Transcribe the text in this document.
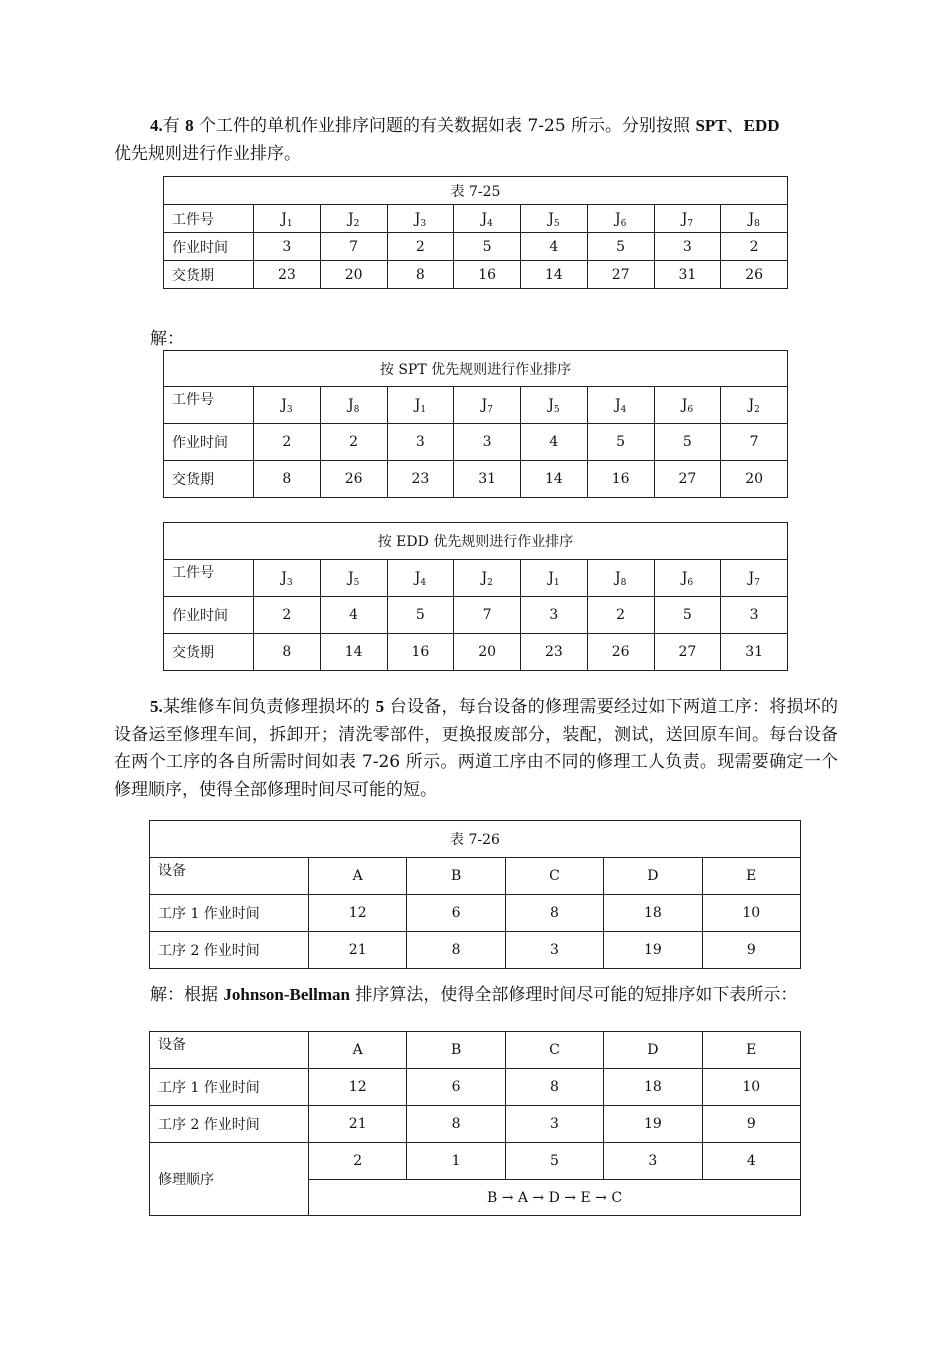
4.有 8 个工件的单机作业排序问题的有关数据如表 7-25 所示。分别按照 SPT、EDD
优先规则进行作业排序。

表 7-25								
工件号	$J_1$	$J_2$	$J_3$	$J_4$	$J_5$	$J_6$	$J_7$	$J_8$
作业时间	3	7	2	5	4	5	3	2
交货期	23	20	8	16	14	27	31	26

解：

按 SPT 优先规则进行作业排序								
工件号	$J_3$	$J_8$	$J_1$	$J_7$	$J_5$	$J_4$	$J_6$	$J_2$
作业时间	2	2	3	3	4	5	5	7
交货期	8	26	23	31	14	16	27	20
按 EDD 优先规则进行作业排序								
工件号	$J_3$	$J_5$	$J_4$	$J_2$	$J_1$	$J_8$	$J_6$	$J_7$
作业时间	2	4	5	7	3	2	5	3
交货期	8	14	16	20	23	26	27	31

5.某维修车间负责修理损坏的 5 台设备，每台设备的修理需要经过如下两道工序：将损坏的设备运至修理车间，拆卸开；清洗零部件，更换报废部分，装配，测试，送回原车间。每台设备在两个工序的各自所需时间如表 7-26 所示。两道工序由不同的修理工人负责。现需要确定一个修理顺序，使得全部修理时间尽可能的短。

表 7-26					
设备	A	B	C	D	E
工序 1 作业时间	12	6	8	18	10
工序 2 作业时间	21	8	3	19	9

解：根据 Johnson-Bellman 排序算法，使得全部修理时间尽可能的短排序如下表所示：

设备	A	B	C	D	E
工序 1 作业时间	12	6	8	18	10
工序 2 作业时间	21	8	3	19	9
修理顺序	2	1	5	3	4
	B → A → D → E → C				
